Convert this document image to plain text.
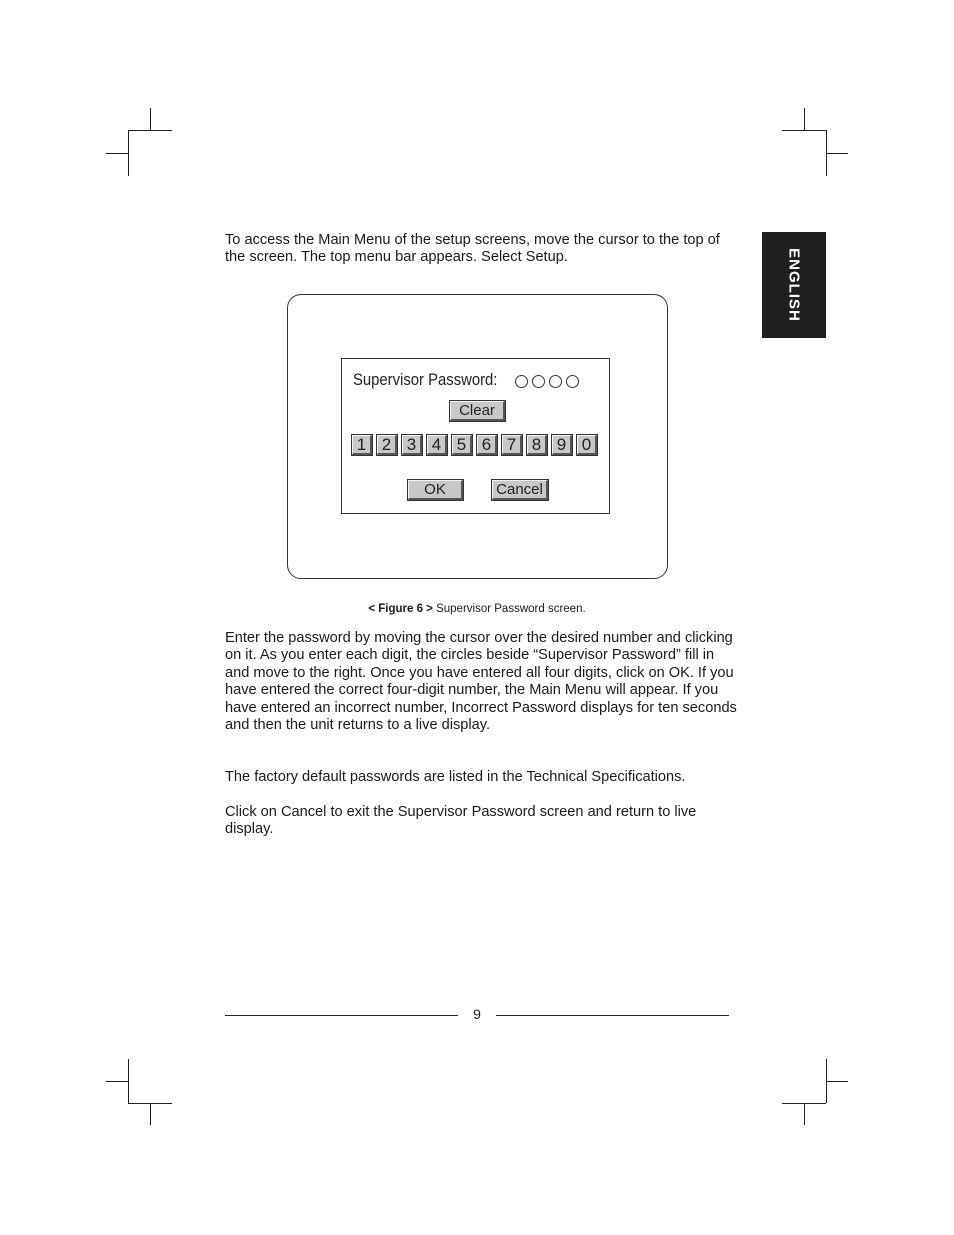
ENGLISH

To access the Main Menu of the setup screens, move the cursor to the top of the screen. The top menu bar appears. Select Setup.

Supervisor Password:
Clear
1 2 3 4 5 6 7 8 9 0
OK	Cancel
< Figure 6 > Supervisor Password screen.

Enter the password by moving the cursor over the desired number and clicking on it. As you enter each digit, the circles beside “Supervisor Password” fill in and move to the right. Once you have entered all four digits, click on OK. If you have entered the correct four-digit number, the Main Menu will appear. If you have entered an incorrect number, Incorrect Password displays for ten seconds and then the unit returns to a live display.

The factory default passwords are listed in the Technical Specifications.

Click on Cancel to exit the Supervisor Password screen and return to live display.

9
